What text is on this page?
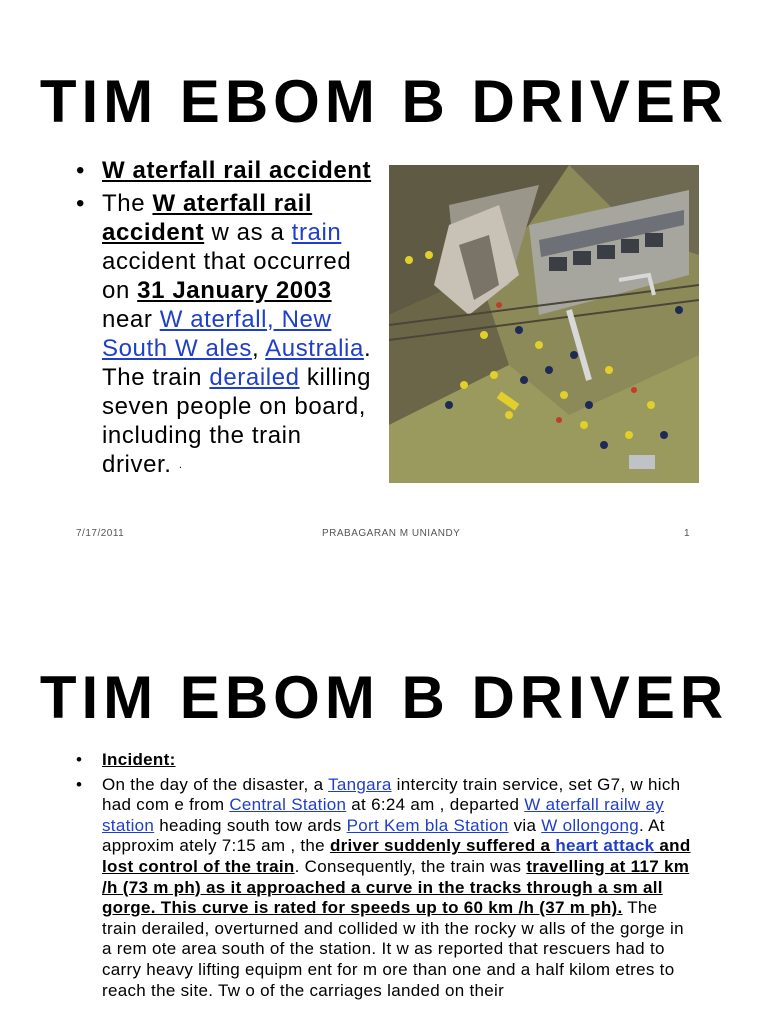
TIM EBOM B DRIVER
• W aterfall rail accident
• The W aterfall rail accident w as a train accident that occurred on 31 January 2003 near W aterfall, New South W ales, Australia. The train derailed killing seven people on board, including the train driver. .
7/17/2011	PRABAGARAN M UNIANDY	1
TIM EBOM B DRIVER
• Incident:
• On the day of the disaster, a Tangara intercity train service, set G7, w hich had com e from Central Station at 6:24 am , departed W aterfall railw ay station heading south tow ards Port Kem bla Station via W ollongong. At approxim ately 7:15 am , the driver suddenly suffered a heart attack and lost control of the train. Consequently, the train was travelling at 117 km /h (73 m ph) as it approached a curve in the tracks through a sm all gorge. This curve is rated for speeds up to 60 km /h (37 m ph). The train derailed, overturned and collided w ith the rocky w alls of the gorge in a rem ote area south of the station. It w as reported that rescuers had to carry heavy lifting equipm ent for m ore than one and a half kilom etres to reach the site. Tw o of the carriages landed on their
